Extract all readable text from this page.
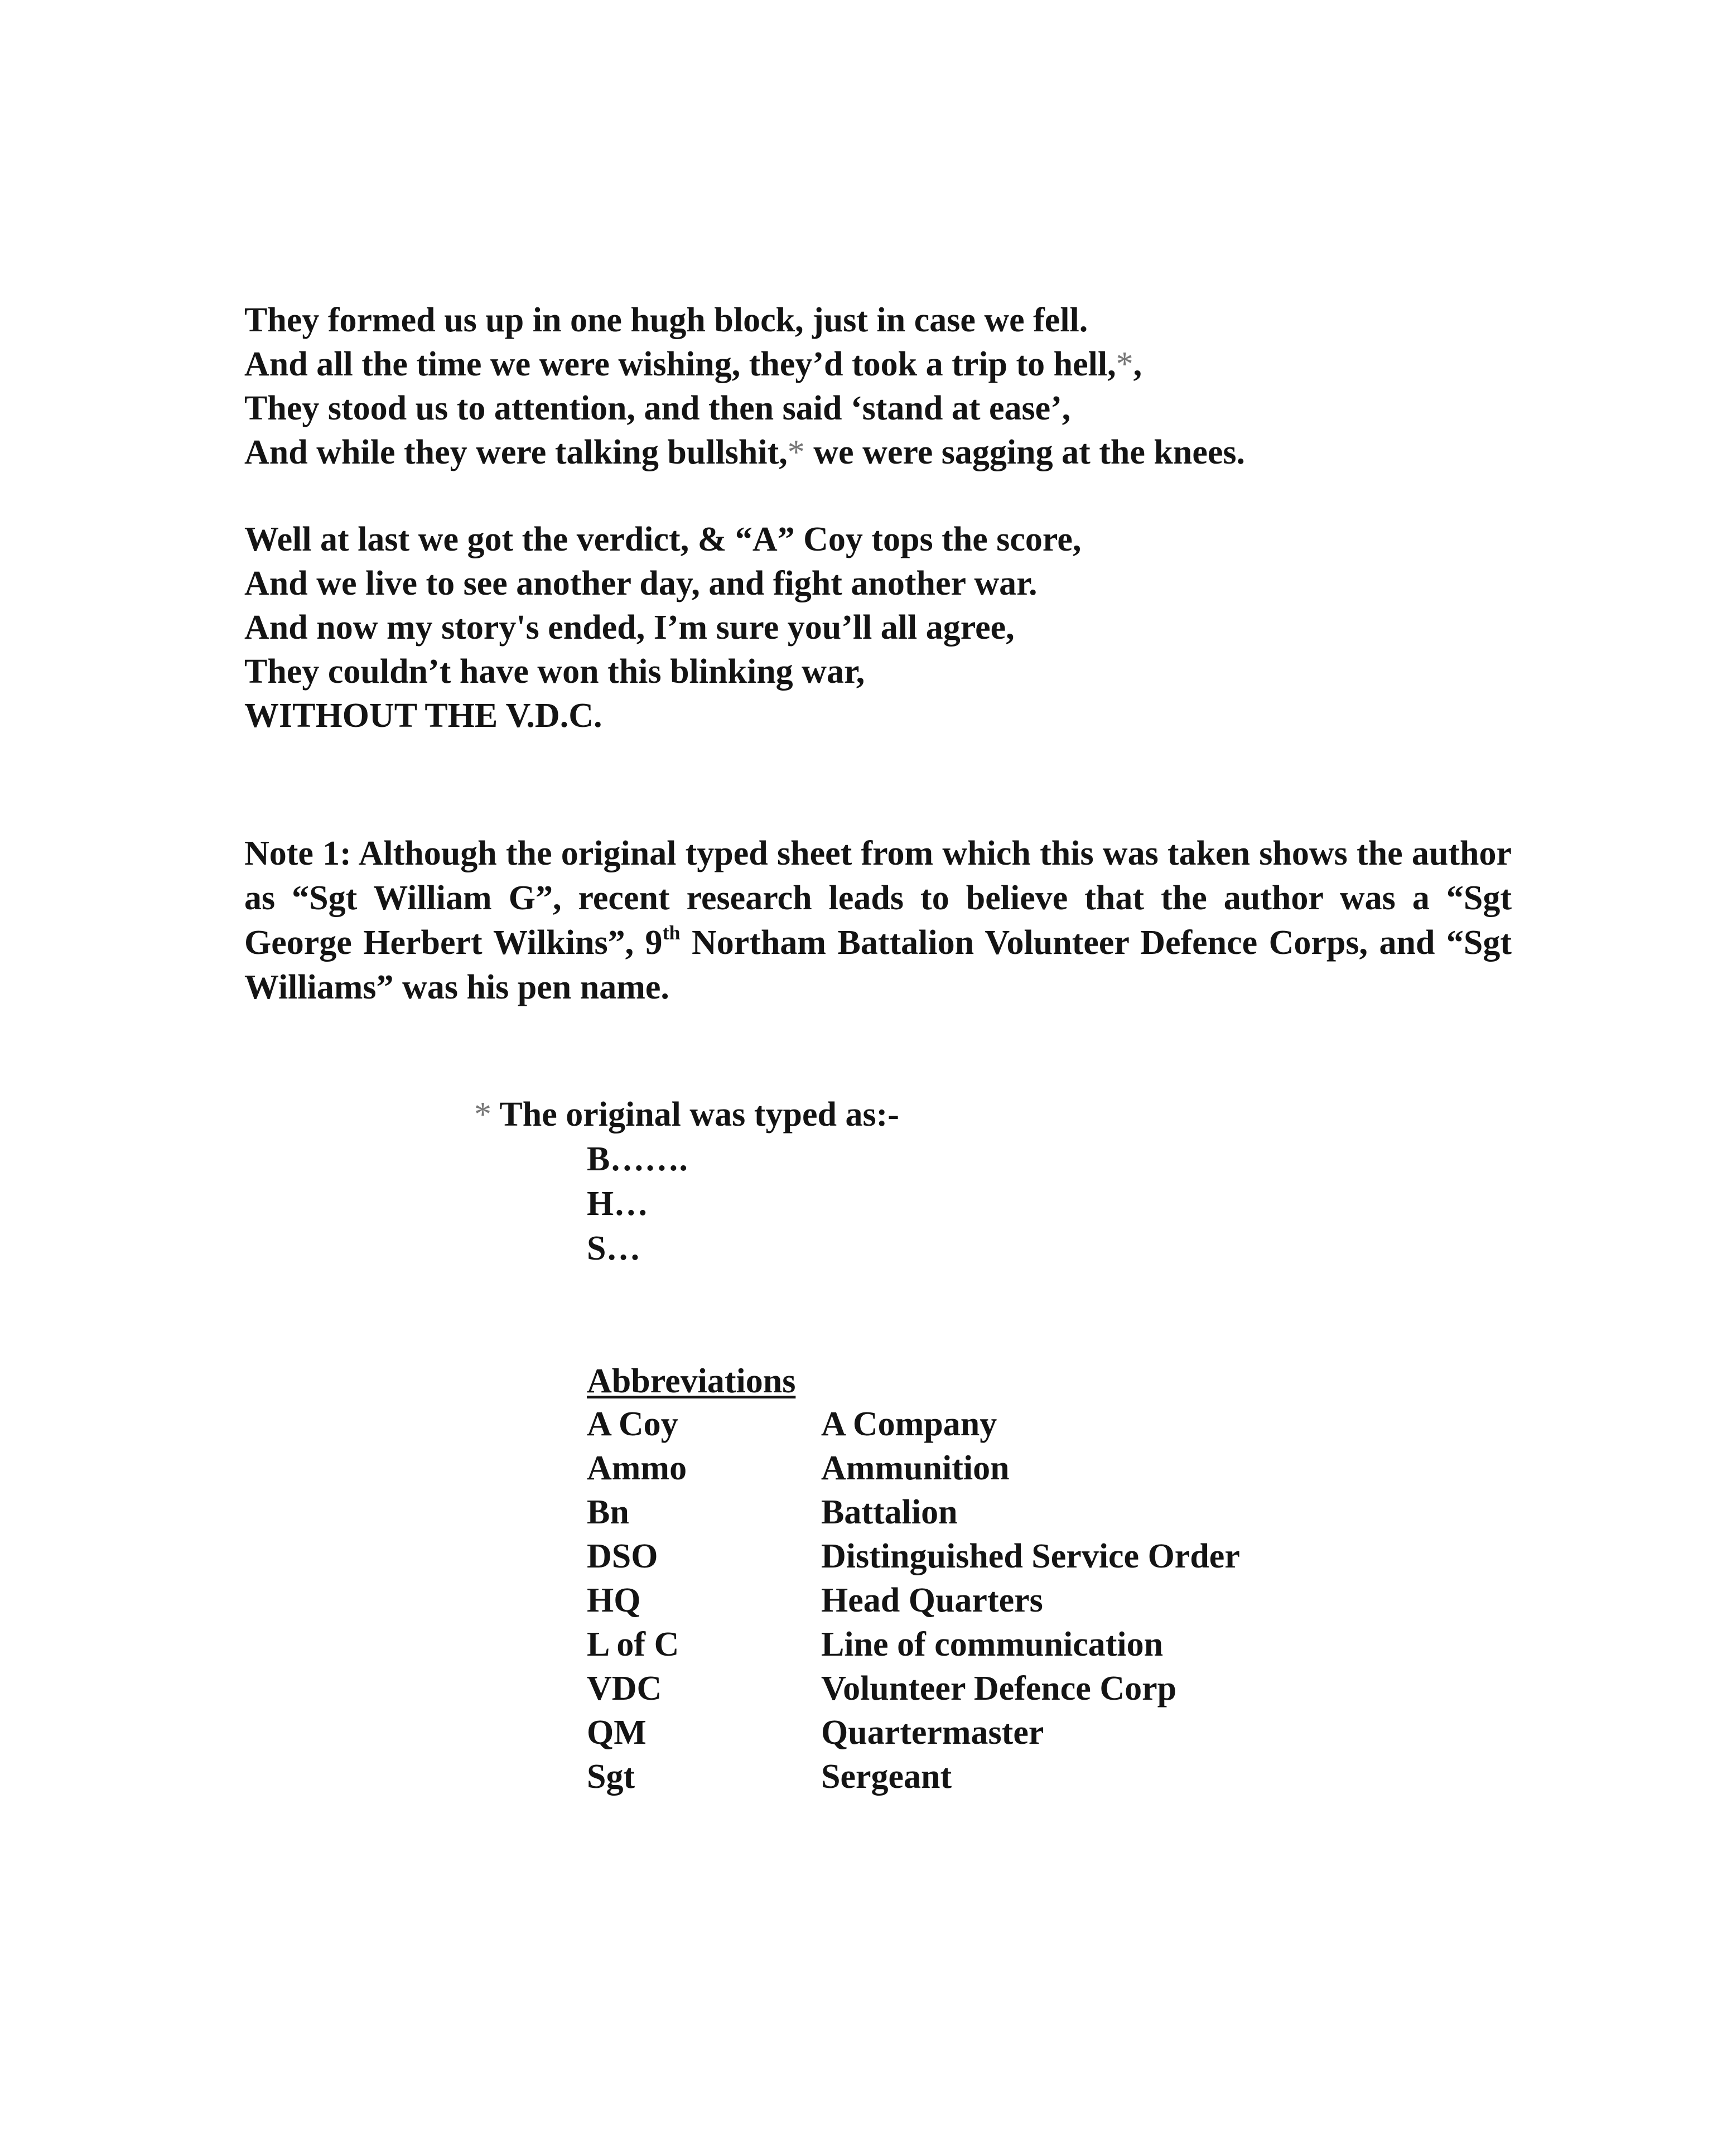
They formed us up in one hugh block, just in case we fell.
And all the time we were wishing, they’d took a trip to hell,*,
They stood us to attention, and then said ‘stand at ease’,
And while they were talking bullshit,* we were sagging at the knees.
Well at last we got the verdict, & “A” Coy tops the score,
And we live to see another day, and fight another war.
And now my story's ended, I’m sure you’ll all agree,
They couldn’t have won this blinking war,
WITHOUT THE V.D.C.
Note 1: Although the original typed sheet from which this was taken shows the author as “Sgt William G”, recent research leads to believe that the author was a “Sgt George Herbert Wilkins”, 9th Northam Battalion Volunteer Defence Corps, and “Sgt Williams” was his pen name.
* The original was typed as:-
B…….
H…
S…
Abbreviations
A Coy	A Company
Ammo	Ammunition
Bn	Battalion
DSO	Distinguished Service Order
HQ	Head Quarters
L of C	Line of communication
VDC	Volunteer Defence Corp
QM	Quartermaster
Sgt	Sergeant
